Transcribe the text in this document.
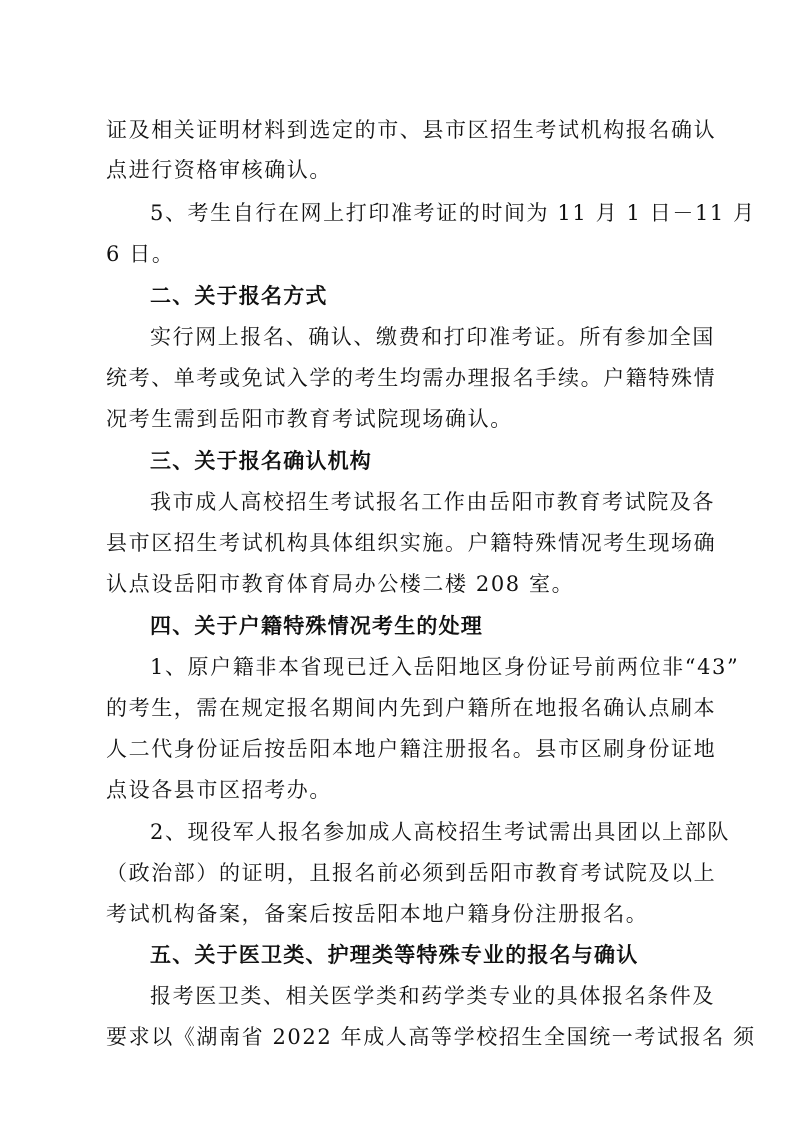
证及相关证明材料到选定的市、县市区招生考试机构报名确认
点进行资格审核确认。
5、考生自行在网上打印准考证的时间为 11 月 1 日－11 月
6 日。
二、关于报名方式
实行网上报名、确认、缴费和打印准考证。所有参加全国
统考、单考或免试入学的考生均需办理报名手续。户籍特殊情
况考生需到岳阳市教育考试院现场确认。
三、关于报名确认机构
我市成人高校招生考试报名工作由岳阳市教育考试院及各
县市区招生考试机构具体组织实施。户籍特殊情况考生现场确
认点设岳阳市教育体育局办公楼二楼 208 室。
四、关于户籍特殊情况考生的处理
1、原户籍非本省现已迁入岳阳地区身份证号前两位非“43”
的考生，需在规定报名期间内先到户籍所在地报名确认点刷本
人二代身份证后按岳阳本地户籍注册报名。县市区刷身份证地
点设各县市区招考办。
2、现役军人报名参加成人高校招生考试需出具团以上部队
（政治部）的证明，且报名前必须到岳阳市教育考试院及以上
考试机构备案，备案后按岳阳本地户籍身份注册报名。
五、关于医卫类、护理类等特殊专业的报名与确认
报考医卫类、相关医学类和药学类专业的具体报名条件及
要求以《湖南省 2022 年成人高等学校招生全国统一考试报名 须
